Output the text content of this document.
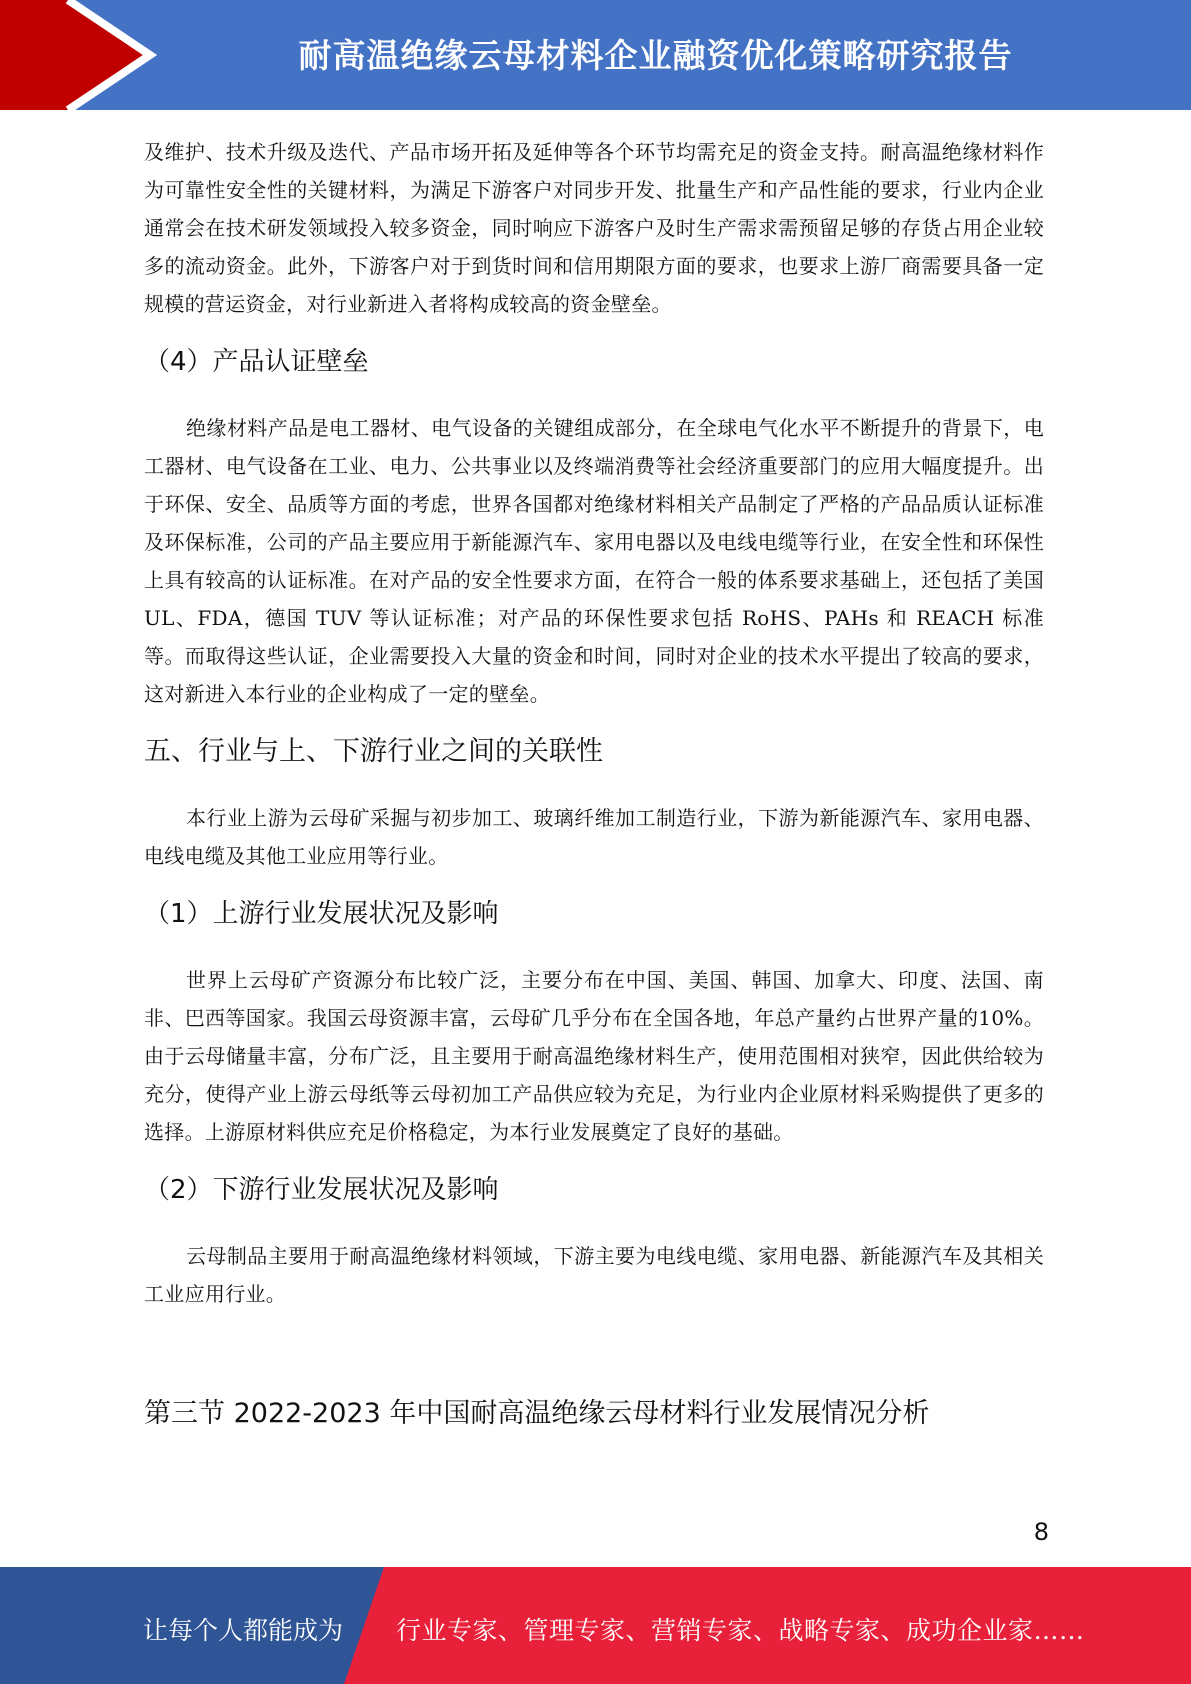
耐高温绝缘云母材料企业融资优化策略研究报告

及维护、技术升级及迭代、产品市场开拓及延伸等各个环节均需充足的资金支持。耐高温绝缘材料作为可靠性安全性的关键材料，为满足下游客户对同步开发、批量生产和产品性能的要求，行业内企业通常会在技术研发领域投入较多资金，同时响应下游客户及时生产需求需预留足够的存货占用企业较多的流动资金。此外，下游客户对于到货时间和信用期限方面的要求，也要求上游厂商需要具备一定规模的营运资金，对行业新进入者将构成较高的资金壁垒。

（4）产品认证壁垒

绝缘材料产品是电工器材、电气设备的关键组成部分，在全球电气化水平不断提升的背景下，电工器材、电气设备在工业、电力、公共事业以及终端消费等社会经济重要部门的应用大幅度提升。出于环保、安全、品质等方面的考虑，世界各国都对绝缘材料相关产品制定了严格的产品品质认证标准及环保标准，公司的产品主要应用于新能源汽车、家用电器以及电线电缆等行业，在安全性和环保性上具有较高的认证标准。在对产品的安全性要求方面，在符合一般的体系要求基础上，还包括了美国 UL、FDA，德国 TUV 等认证标准；对产品的环保性要求包括 RoHS、PAHs 和 REACH 标准等。而取得这些认证，企业需要投入大量的资金和时间，同时对企业的技术水平提出了较高的要求，这对新进入本行业的企业构成了一定的壁垒。

五、行业与上、下游行业之间的关联性

本行业上游为云母矿采掘与初步加工、玻璃纤维加工制造行业，下游为新能源汽车、家用电器、电线电缆及其他工业应用等行业。

（1）上游行业发展状况及影响

世界上云母矿产资源分布比较广泛，主要分布在中国、美国、韩国、加拿大、印度、法国、南非、巴西等国家。我国云母资源丰富，云母矿几乎分布在全国各地，年总产量约占世界产量的10%。由于云母储量丰富，分布广泛，且主要用于耐高温绝缘材料生产，使用范围相对狭窄，因此供给较为充分，使得产业上游云母纸等云母初加工产品供应较为充足，为行业内企业原材料采购提供了更多的选择。上游原材料供应充足价格稳定，为本行业发展奠定了良好的基础。

（2）下游行业发展状况及影响

云母制品主要用于耐高温绝缘材料领域，下游主要为电线电缆、家用电器、新能源汽车及其相关工业应用行业。

第三节 2022-2023 年中国耐高温绝缘云母材料行业发展情况分析
8
让每个人都能成为 行业专家、管理专家、营销专家、战略专家、成功企业家……
